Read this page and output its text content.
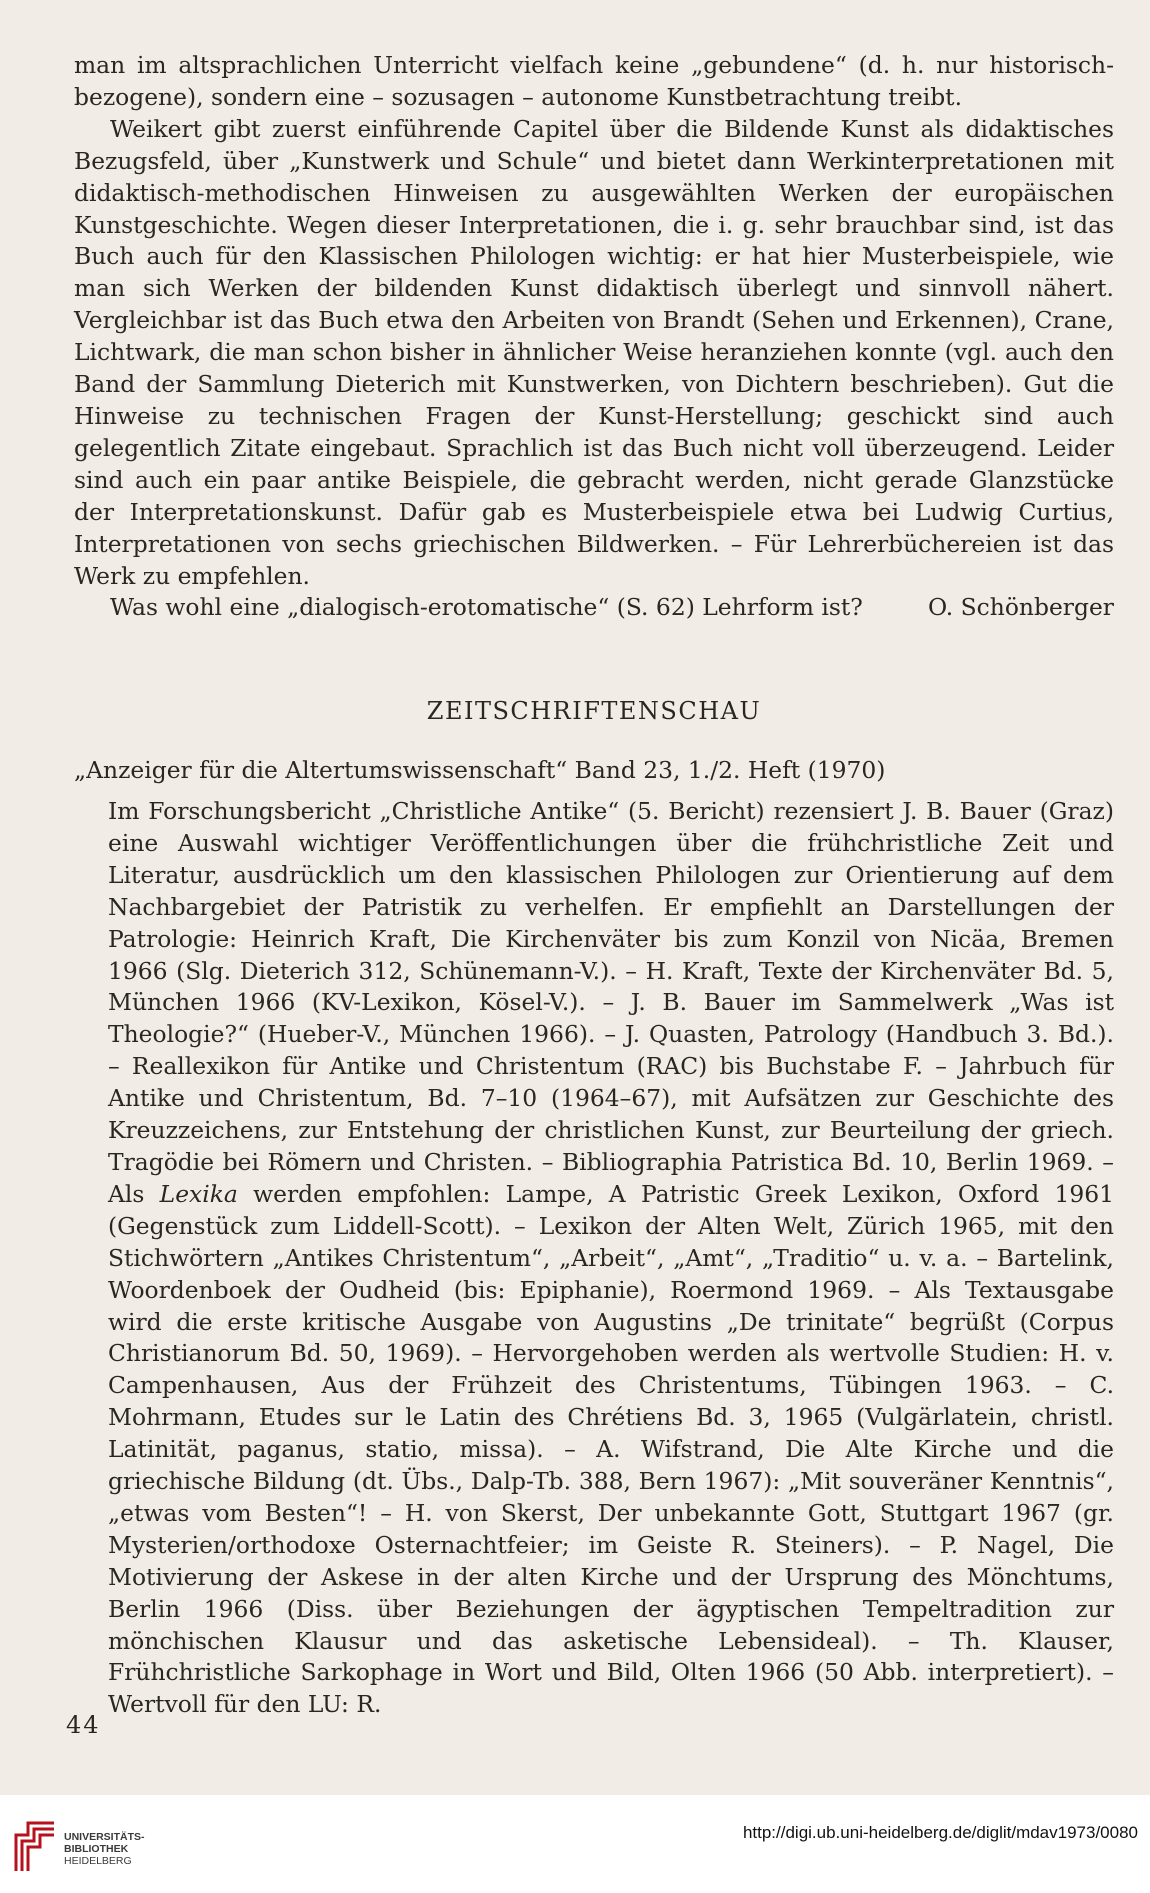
man im altsprachlichen Unterricht vielfach keine „gebundene“ (d. h. nur historisch-bezogene), sondern eine – sozusagen – autonome Kunstbetrachtung treibt.

Weikert gibt zuerst einführende Capitel über die Bildende Kunst als didaktisches Bezugsfeld, über „Kunstwerk und Schule“ und bietet dann Werkinterpretationen mit didaktisch-methodischen Hinweisen zu ausgewählten Werken der europäischen Kunstgeschichte. Wegen dieser Interpretationen, die i. g. sehr brauchbar sind, ist das Buch auch für den Klassischen Philologen wichtig: er hat hier Musterbeispiele, wie man sich Werken der bildenden Kunst didaktisch überlegt und sinnvoll nähert. Vergleichbar ist das Buch etwa den Arbeiten von Brandt (Sehen und Erkennen), Crane, Lichtwark, die man schon bisher in ähnlicher Weise heranziehen konnte (vgl. auch den Band der Sammlung Dieterich mit Kunstwerken, von Dichtern beschrieben). Gut die Hinweise zu technischen Fragen der Kunst-Herstellung; geschickt sind auch gelegentlich Zitate eingebaut. Sprachlich ist das Buch nicht voll überzeugend. Leider sind auch ein paar antike Beispiele, die gebracht werden, nicht gerade Glanzstücke der Interpretationskunst. Dafür gab es Musterbeispiele etwa bei Ludwig Curtius, Interpretationen von sechs griechischen Bildwerken. – Für Lehrerbüchereien ist das Werk zu empfehlen.

Was wohl eine „dialogisch-erotomatische“ (S. 62) Lehrform ist?	O. Schönberger
ZEITSCHRIFTENSCHAU
„Anzeiger für die Altertumswissenschaft“ Band 23, 1./2. Heft (1970)

Im Forschungsbericht „Christliche Antike“ (5. Bericht) rezensiert J. B. Bauer (Graz) eine Auswahl wichtiger Veröffentlichungen über die frühchristliche Zeit und Literatur, ausdrücklich um den klassischen Philologen zur Orientierung auf dem Nachbargebiet der Patristik zu verhelfen. Er empfiehlt an Darstellungen der Patrologie: Heinrich Kraft, Die Kirchenväter bis zum Konzil von Nicäa, Bremen 1966 (Slg. Dieterich 312, Schünemann-V.). – H. Kraft, Texte der Kirchenväter Bd. 5, München 1966 (KV-Lexikon, Kösel-V.). – J. B. Bauer im Sammelwerk „Was ist Theologie?“ (Hueber-V., München 1966). – J. Quasten, Patrology (Handbuch 3. Bd.). – Reallexikon für Antike und Christentum (RAC) bis Buchstabe F. – Jahrbuch für Antike und Christentum, Bd. 7–10 (1964–67), mit Aufsätzen zur Geschichte des Kreuzzeichens, zur Entstehung der christlichen Kunst, zur Beurteilung der griech. Tragödie bei Römern und Christen. – Bibliographia Patristica Bd. 10, Berlin 1969. – Als Lexika werden empfohlen: Lampe, A Patristic Greek Lexikon, Oxford 1961 (Gegenstück zum Liddell-Scott). – Lexikon der Alten Welt, Zürich 1965, mit den Stichwörtern „Antikes Christentum“, „Arbeit“, „Amt“, „Traditio“ u. v. a. – Bartelink, Woordenboek der Oudheid (bis: Epiphanie), Roermond 1969. – Als Textausgabe wird die erste kritische Ausgabe von Augustins „De trinitate“ begrüßt (Corpus Christianorum Bd. 50, 1969). – Hervorgehoben werden als wertvolle Studien: H. v. Campenhausen, Aus der Frühzeit des Christentums, Tübingen 1963. – C. Mohrmann, Etudes sur le Latin des Chrétiens Bd. 3, 1965 (Vulgärlatein, christl. Latinität, paganus, statio, missa). – A. Wifstrand, Die Alte Kirche und die griechische Bildung (dt. Übs., Dalp-Tb. 388, Bern 1967): „Mit souveräner Kenntnis“, „etwas vom Besten“! – H. von Skerst, Der unbekannte Gott, Stuttgart 1967 (gr. Mysterien/orthodoxe Osternachtfeier; im Geiste R. Steiners). – P. Nagel, Die Motivierung der Askese in der alten Kirche und der Ursprung des Mönchtums, Berlin 1966 (Diss. über Beziehungen der ägyptischen Tempeltradition zur mönchischen Klausur und das asketische Lebensideal). – Th. Klauser, Frühchristliche Sarkophage in Wort und Bild, Olten 1966 (50 Abb. interpretiert). – Wertvoll für den LU: R.

44
UNIVERSITÄTS-
BIBLIOTHEK
HEIDELBERG
http://digi.ub.uni-heidelberg.de/diglit/mdav1973/0080
